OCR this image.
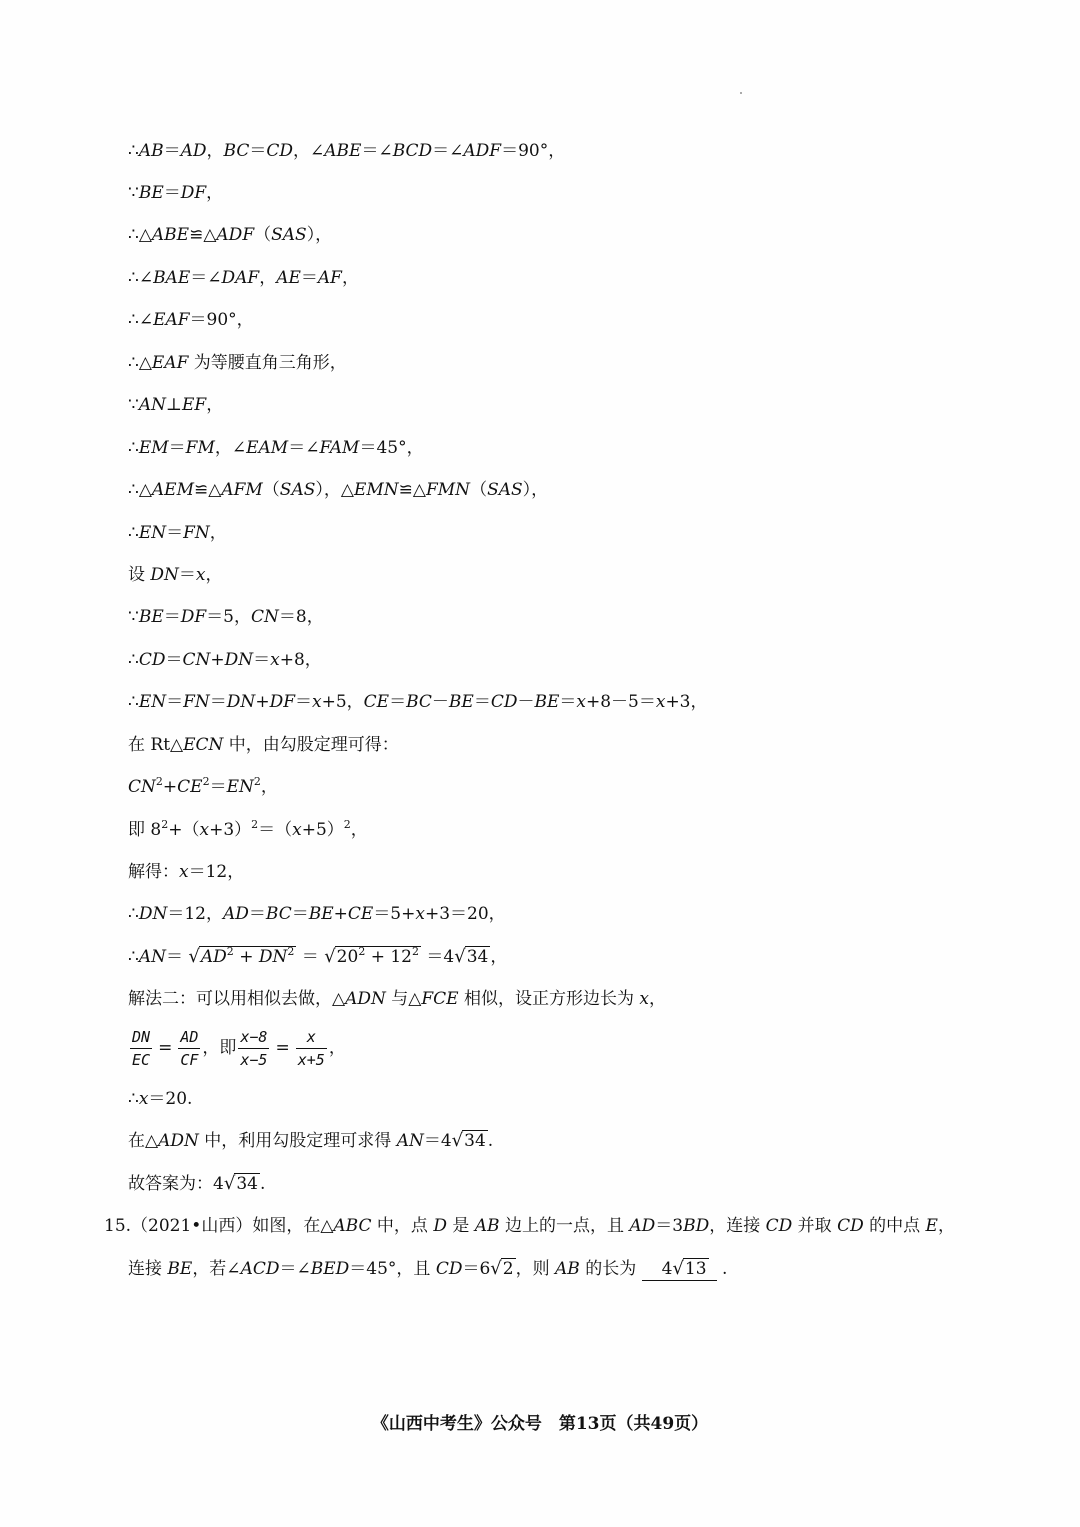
∴AB＝AD，BC＝CD，∠ABE＝∠BCD＝∠ADF＝90°，
∵BE＝DF，
∴△ABE≌△ADF（SAS），
∴∠BAE＝∠DAF，AE＝AF，
∴∠EAF＝90°，
∴△EAF 为等腰直角三角形，
∵AN⊥EF，
∴EM＝FM，∠EAM＝∠FAM＝45°，
∴△AEM≌△AFM（SAS），△EMN≌△FMN（SAS），
∴EN＝FN，
设 DN＝x，
∵BE＝DF＝5，CN＝8，
∴CD＝CN+DN＝x+8，
∴EN＝FN＝DN+DF＝x+5，CE＝BC－BE＝CD－BE＝x+8－5＝x+3，
在 Rt△ECN 中，由勾股定理可得：
$CN^2+CE^2=EN^2$，
即 $8^2+(x+3)^2=(x+5)^2$，
解得：x＝12，
∴DN＝12，AD＝BC＝BE+CE＝5+x+3＝20，
∴AN＝ $√AD^2 + DN^2 = √20^2 + 12^2 =4√34$ ，
解法二：可以用相似去做，△ADN 与△FCE 相似，设正方形边长为 x，
$\frac{DN}{EC} = \frac{AD}{CF}$ ，即 $\frac{x-8}{x-5} = \frac{x}{x+5}$ ，
∴x＝20.
在△ADN 中，利用勾股定理可求得 AN＝4√34 .
故答案为：4√34 .
15.（2021•山西）如图，在△ABC 中，点 D 是 AB 边上的一点，且 AD＝3BD，连接 CD 并取 CD 的中点 E，
连接 BE，若∠ACD＝∠BED＝45°，且 CD＝6√2 ，则 AB 的长为 4√13 .
《山西中考生》公众号　第13页（共49页）
